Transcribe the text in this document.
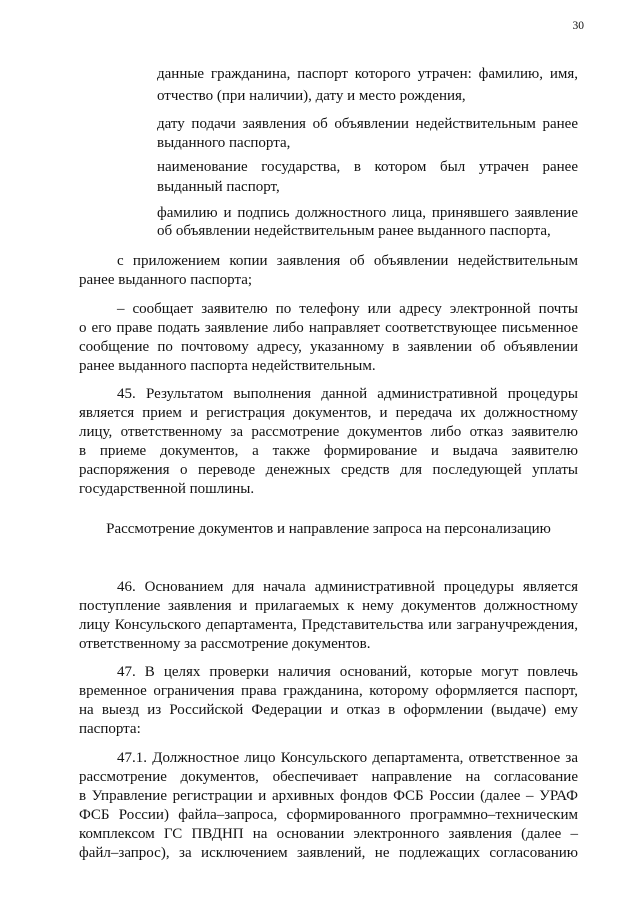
30
данные гражданина, паспорт которого утрачен: фамилию, имя,
отчество (при наличии), дату и место рождения,
дату подачи заявления об объявлении недействительным ранее
выданного паспорта,
наименование государства, в котором был утрачен ранее
выданный паспорт,
фамилию и подпись должностного лица, принявшего заявление
об объявлении недействительным ранее выданного паспорта,
с приложением копии заявления об объявлении недействительным
ранее выданного паспорта;
– сообщает заявителю по телефону или адресу электронной почты
о его праве подать заявление либо направляет соответствующее письменное
сообщение по почтовому адресу, указанному в заявлении об объявлении
ранее выданного паспорта недействительным.
45. Результатом выполнения данной административной процедуры
является прием и регистрация документов, и передача их должностному
лицу, ответственному за рассмотрение документов либо отказ заявителю
в приеме документов, а также формирование и выдача заявителю
распоряжения о переводе денежных средств для последующей уплаты
государственной пошлины.
Рассмотрение документов и направление запроса на персонализацию
46. Основанием для начала административной процедуры является
поступление заявления и прилагаемых к нему документов должностному
лицу Консульского департамента, Представительства или загранучреждения,
ответственному за рассмотрение документов.
47. В целях проверки наличия оснований, которые могут повлечь
временное ограничения права гражданина, которому оформляется паспорт,
на выезд из Российской Федерации и отказ в оформлении (выдаче) ему
паспорта:
47.1. Должностное лицо Консульского департамента, ответственное за
рассмотрение документов, обеспечивает направление на согласование
в Управление регистрации и архивных фондов ФСБ России (далее – УРАФ
ФСБ России) файла–запроса, сформированного программно–техническим
комплексом ГС ПВДНП на основании электронного заявления (далее –
файл–запрос), за исключением заявлений, не подлежащих согласованию
